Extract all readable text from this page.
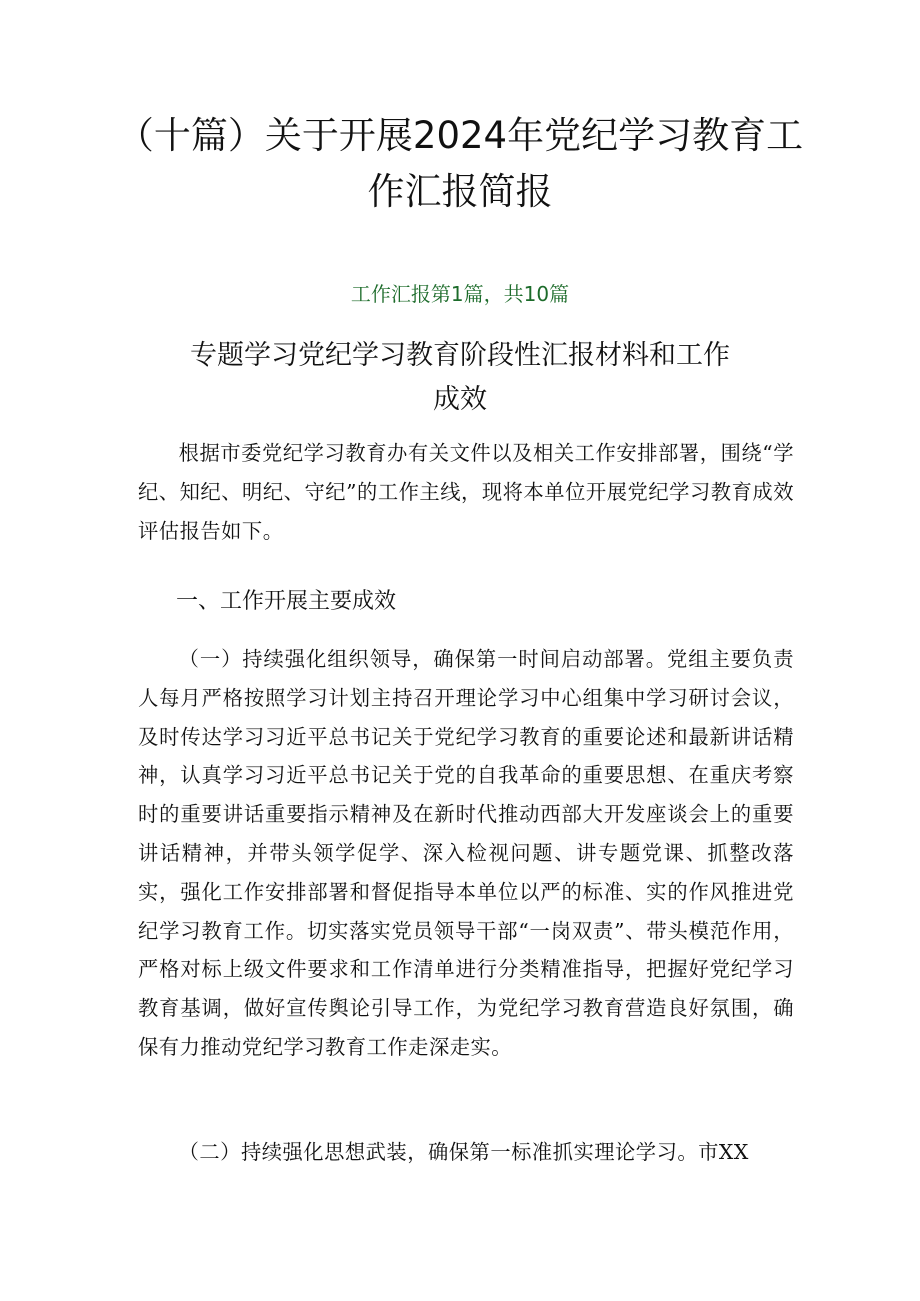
（十篇）关于开展2024年党纪学习教育工
作汇报简报
工作汇报第1篇，共10篇
专题学习党纪学习教育阶段性汇报材料和工作
成效

根据市委党纪学习教育办有关文件以及相关工作安排部署，围绕“学纪、知纪、明纪、守纪”的工作主线，现将本单位开展党纪学习教育成效评估报告如下。

一、工作开展主要成效

（一）持续强化组织领导，确保第一时间启动部署。党组主要负责人每月严格按照学习计划主持召开理论学习中心组集中学习研讨会议，及时传达学习习近平总书记关于党纪学习教育的重要论述和最新讲话精神，认真学习习近平总书记关于党的自我革命的重要思想、在重庆考察时的重要讲话重要指示精神及在新时代推动西部大开发座谈会上的重要讲话精神，并带头领学促学、深入检视问题、讲专题党课、抓整改落实，强化工作安排部署和督促指导本单位以严的标准、实的作风推进党纪学习教育工作。切实落实党员领导干部“一岗双责”、带头模范作用，严格对标上级文件要求和工作清单进行分类精准指导，把握好党纪学习教育基调，做好宣传舆论引导工作，为党纪学习教育营造良好氛围，确保有力推动党纪学习教育工作走深走实。

（二）持续强化思想武装，确保第一标准抓实理论学习。市XX
